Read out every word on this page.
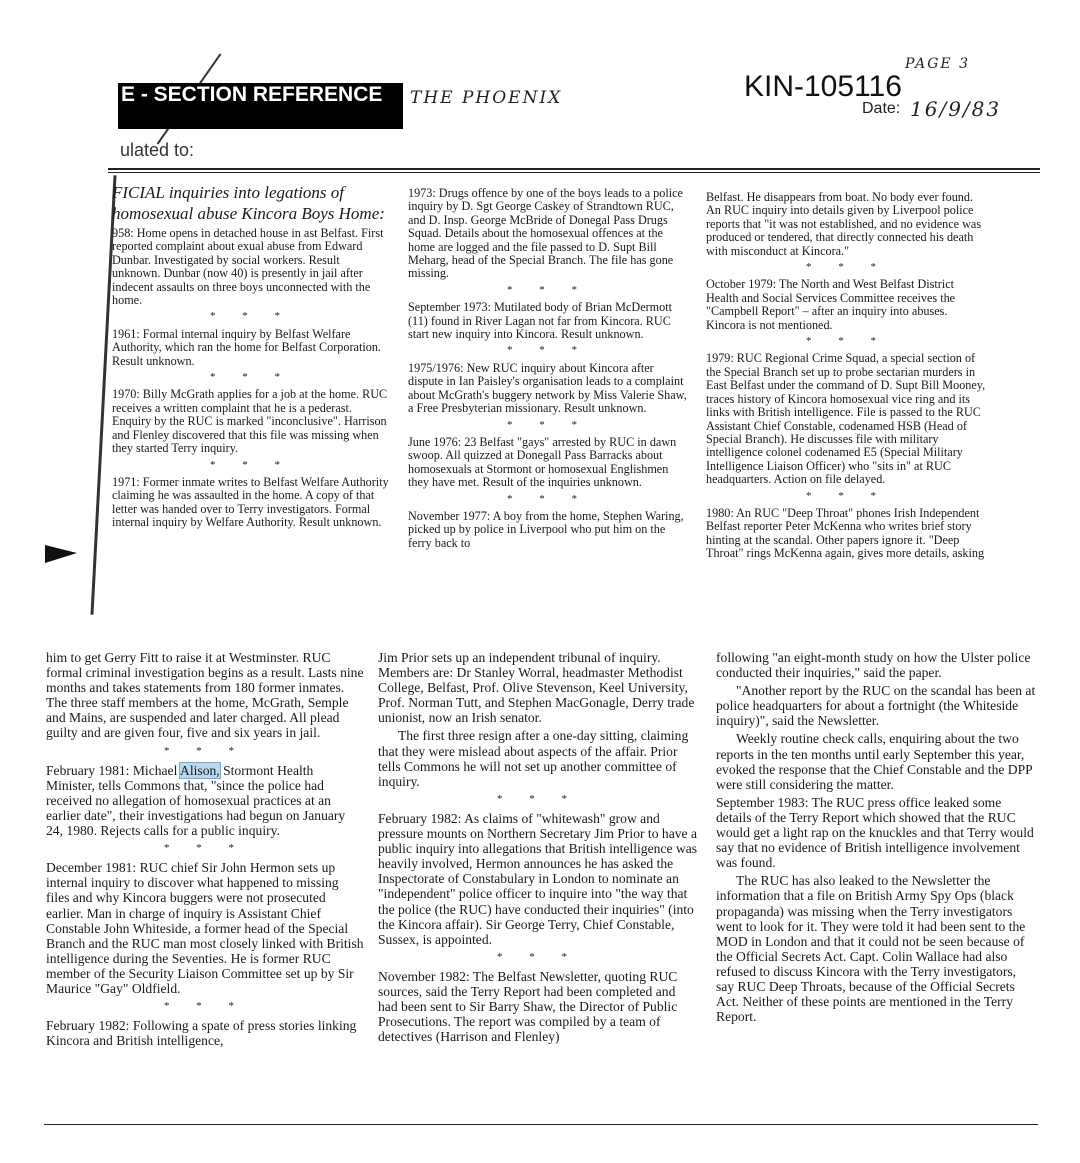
E - SECTION REFERENCE	THE PHOENIX
PAGE 3
KIN-105116
Date: 16/9/83
ulated to:

FICIAL inquiries into legations of homosexual abuse Kincora Boys Home:

958: Home opens in detached house in ast Belfast. First reported complaint about exual abuse from Edward Dunbar. Investigated by social workers. Result unknown. Dunbar (now 40) is presently in jail after indecent assaults on three boys unconnected with the home.

* * *

1961: Formal internal inquiry by Belfast Welfare Authority, which ran the home for Belfast Corporation. Result unknown.

* * *

1970: Billy McGrath applies for a job at the home. RUC receives a written complaint that he is a pederast. Enquiry by the RUC is marked "inconclusive". Harrison and Flenley discovered that this file was missing when they started Terry inquiry.

* * *

1971: Former inmate writes to Belfast Welfare Authority claiming he was assaulted in the home. A copy of that letter was handed over to Terry investigators. Formal internal inquiry by Welfare Authority. Result unknown.

1973: Drugs offence by one of the boys leads to a police inquiry by D. Sgt George Caskey of Strandtown RUC, and D. Insp. George McBride of Donegal Pass Drugs Squad. Details about the homosexual offences at the home are logged and the file passed to D. Supt Bill Meharg, head of the Special Branch. The file has gone missing.

* * *

September 1973: Mutilated body of Brian McDermott (11) found in River Lagan not far from Kincora. RUC start new inquiry into Kincora. Result unknown.

* * *

1975/1976: New RUC inquiry about Kincora after dispute in Ian Paisley's organisation leads to a complaint about McGrath's buggery network by Miss Valerie Shaw, a Free Presbyterian missionary. Result unknown.

* * *

June 1976: 23 Belfast "gays" arrested by RUC in dawn swoop. All quizzed at Donegall Pass Barracks about homosexuals at Stormont or homosexual Englishmen they have met. Result of the inquiries unknown.

* * *

November 1977: A boy from the home, Stephen Waring, picked up by police in Liverpool who put him on the ferry back to

Belfast. He disappears from boat. No body ever found. An RUC inquiry into details given by Liverpool police reports that "it was not established, and no evidence was produced or tendered, that directly connected his death with misconduct at Kincora."

* * *

October 1979: The North and West Belfast District Health and Social Services Committee receives the "Campbell Report" – after an inquiry into abuses. Kincora is not mentioned.

* * *

1979: RUC Regional Crime Squad, a special section of the Special Branch set up to probe sectarian murders in East Belfast under the command of D. Supt Bill Mooney, traces history of Kincora homosexual vice ring and its links with British intelligence. File is passed to the RUC Assistant Chief Constable, codenamed HSB (Head of Special Branch). He discusses file with military intelligence colonel codenamed E5 (Special Military Intelligence Liaison Officer) who "sits in" at RUC headquarters. Action on file delayed.

* * *

1980: An RUC "Deep Throat" phones Irish Independent Belfast reporter Peter McKenna who writes brief story hinting at the scandal. Other papers ignore it. "Deep Throat" rings McKenna again, gives more details, asking

him to get Gerry Fitt to raise it at Westminster. RUC formal criminal investigation begins as a result. Lasts nine months and takes statements from 180 former inmates. The three staff members at the home, McGrath, Semple and Mains, are suspended and later charged. All plead guilty and are given four, five and six years in jail.

* * *

February 1981: Michael Alison, Stormont Health Minister, tells Commons that, "since the police had received no allegation of homosexual practices at an earlier date", their investigations had begun on January 24, 1980. Rejects calls for a public inquiry.

* * *

December 1981: RUC chief Sir John Hermon sets up internal inquiry to discover what happened to missing files and why Kincora buggers were not prosecuted earlier. Man in charge of inquiry is Assistant Chief Constable John Whiteside, a former head of the Special Branch and the RUC man most closely linked with British intelligence during the Seventies. He is former RUC member of the Security Liaison Committee set up by Sir Maurice "Gay" Oldfield.

* * *

February 1982: Following a spate of press stories linking Kincora and British intelligence,

Jim Prior sets up an independent tribunal of inquiry. Members are: Dr Stanley Worral, headmaster Methodist College, Belfast, Prof. Olive Stevenson, Keel University, Prof. Norman Tutt, and Stephen MacGonagle, Derry trade unionist, now an Irish senator.

The first three resign after a one-day sitting, claiming that they were mislead about aspects of the affair. Prior tells Commons he will not set up another committee of inquiry.

* * *

February 1982: As claims of "whitewash" grow and pressure mounts on Northern Secretary Jim Prior to have a public inquiry into allegations that British intelligence was heavily involved, Hermon announces he has asked the Inspectorate of Constabulary in London to nominate an "independent" police officer to inquire into "the way that the police (the RUC) have conducted their inquiries" (into the Kincora affair). Sir George Terry, Chief Constable, Sussex, is appointed.

* * *

November 1982: The Belfast Newsletter, quoting RUC sources, said the Terry Report had been completed and had been sent to Sir Barry Shaw, the Director of Public Prosecutions. The report was compiled by a team of detectives (Harrison and Flenley)

following "an eight-month study on how the Ulster police conducted their inquiries," said the paper.

"Another report by the RUC on the scandal has been at police headquarters for about a fortnight (the Whiteside inquiry)", said the Newsletter.

Weekly routine check calls, enquiring about the two reports in the ten months until early September this year, evoked the response that the Chief Constable and the DPP were still considering the matter.

September 1983: The RUC press office leaked some details of the Terry Report which showed that the RUC would get a light rap on the knuckles and that Terry would say that no evidence of British intelligence involvement was found.

The RUC has also leaked to the Newsletter the information that a file on British Army Spy Ops (black propaganda) was missing when the Terry investigators went to look for it. They were told it had been sent to the MOD in London and that it could not be seen because of the Official Secrets Act. Capt. Colin Wallace had also refused to discuss Kincora with the Terry investigators, say RUC Deep Throats, because of the Official Secrets Act. Neither of these points are mentioned in the Terry Report.
